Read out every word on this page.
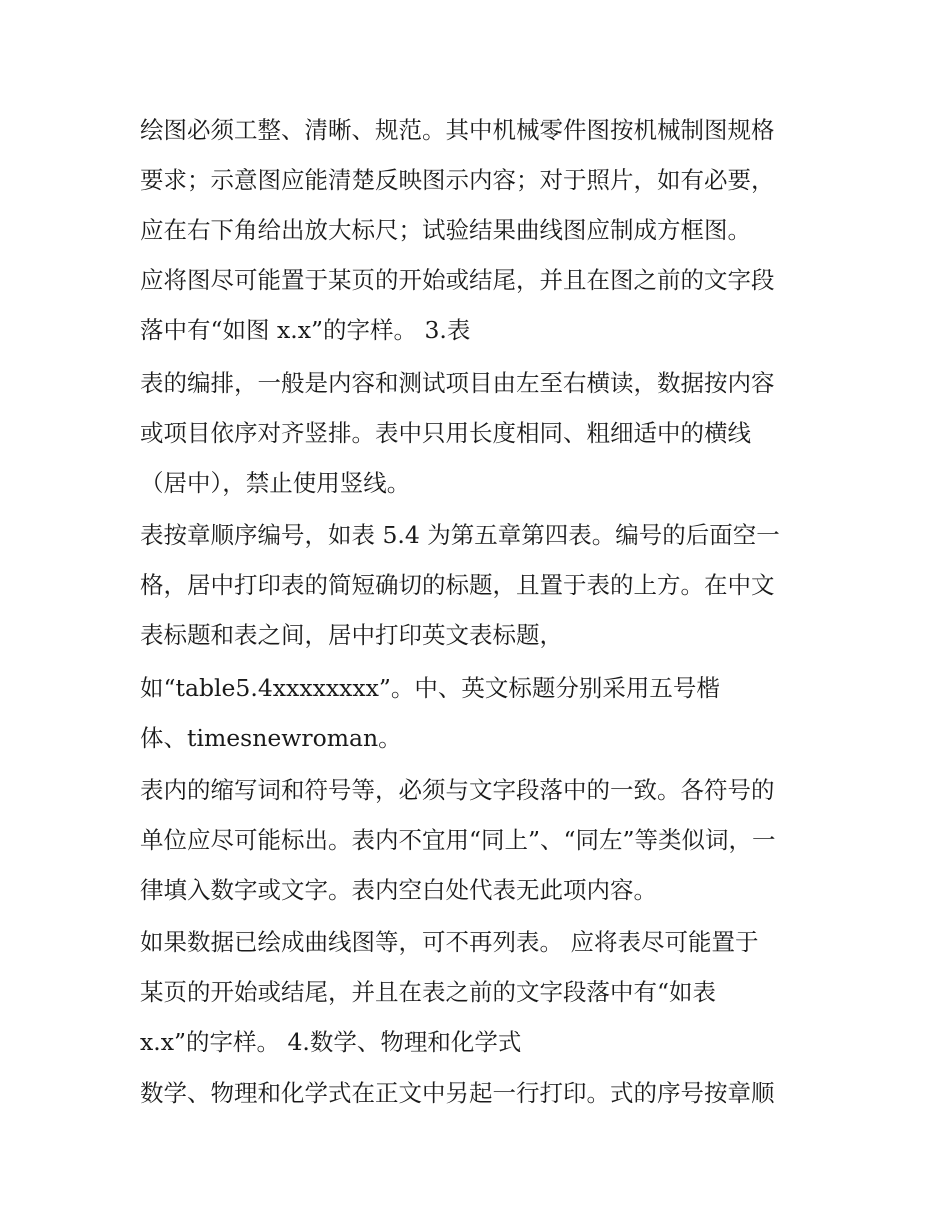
绘图必须工整、清晰、规范。其中机械零件图按机械制图规格
要求；示意图应能清楚反映图示内容；对于照片，如有必要，
应在右下角给出放大标尺；试验结果曲线图应制成方框图。
应将图尽可能置于某页的开始或结尾，并且在图之前的文字段
落中有“如图 x.x”的字样。 3.表
表的编排，一般是内容和测试项目由左至右横读，数据按内容
或项目依序对齐竖排。表中只用长度相同、粗细适中的横线
（居中），禁止使用竖线。
表按章顺序编号，如表 5.4 为第五章第四表。编号的后面空一
格，居中打印表的简短确切的标题，且置于表的上方。在中文
表标题和表之间，居中打印英文表标题，
如“table5.4xxxxxxxx”。中、英文标题分别采用五号楷
体、timesnewroman。
表内的缩写词和符号等，必须与文字段落中的一致。各符号的
单位应尽可能标出。表内不宜用“同上”、“同左”等类似词，一
律填入数字或文字。表内空白处代表无此项内容。
如果数据已绘成曲线图等，可不再列表。 应将表尽可能置于
某页的开始或结尾，并且在表之前的文字段落中有“如表
x.x”的字样。 4.数学、物理和化学式
数学、物理和化学式在正文中另起一行打印。式的序号按章顺
